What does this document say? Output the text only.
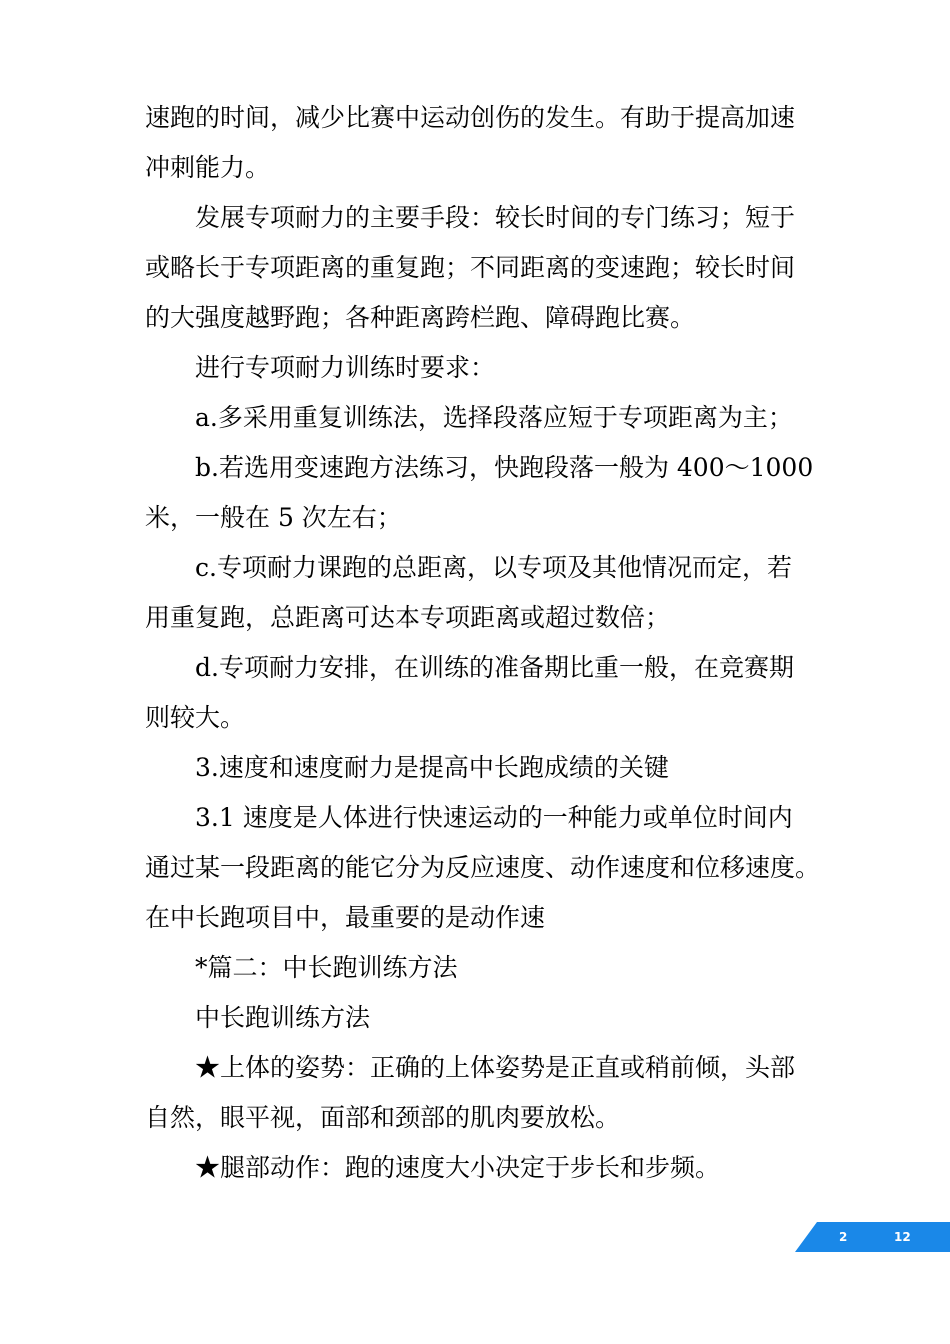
速跑的时间，减少比赛中运动创伤的发生。有助于提高加速

冲刺能力。

发展专项耐力的主要手段：较长时间的专门练习；短于

或略长于专项距离的重复跑；不同距离的变速跑；较长时间

的大强度越野跑；各种距离跨栏跑、障碍跑比赛。

进行专项耐力训练时要求：

a.多采用重复训练法，选择段落应短于专项距离为主；

b.若选用变速跑方法练习，快跑段落一般为 400～1000

米，一般在 5 次左右；

c.专项耐力课跑的总距离，以专项及其他情况而定，若

用重复跑，总距离可达本专项距离或超过数倍；

d.专项耐力安排，在训练的准备期比重一般，在竞赛期

则较大。

3.速度和速度耐力是提高中长跑成绩的关键

3.1 速度是人体进行快速运动的一种能力或单位时间内

通过某一段距离的能它分为反应速度、动作速度和位移速度。

在中长跑项目中，最重要的是动作速

*篇二：中长跑训练方法

中长跑训练方法

★上体的姿势：正确的上体姿势是正直或稍前倾，头部

自然，眼平视，面部和颈部的肌肉要放松。

★腿部动作：跑的速度大小决定于步长和步频。

2	12
